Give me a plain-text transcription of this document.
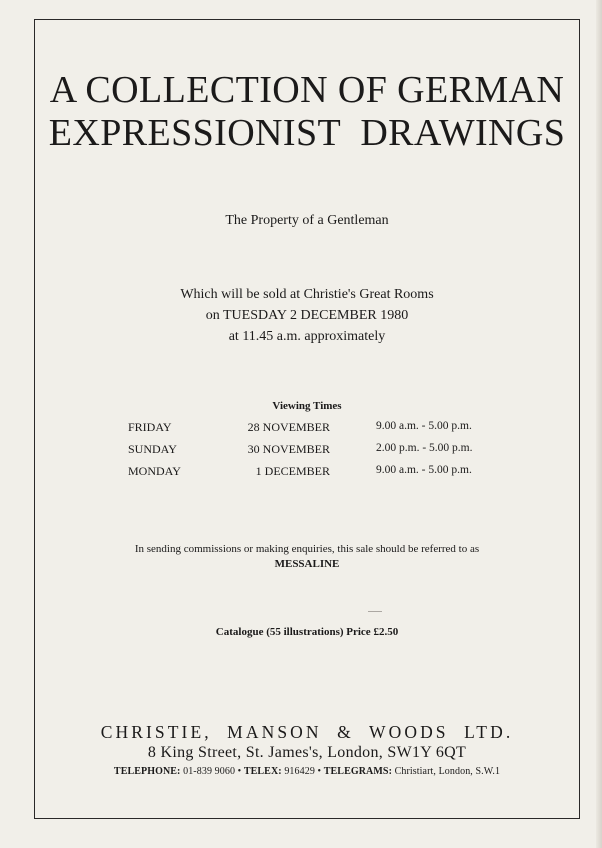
A COLLECTION OF GERMAN
EXPRESSIONIST DRAWINGS
The Property of a Gentleman
Which will be sold at Christie's Great Rooms
on TUESDAY 2 DECEMBER 1980
at 11.45 a.m. approximately
Viewing Times
FRIDAY	28 NOVEMBER	9.00 a.m. - 5.00 p.m.
SUNDAY	30 NOVEMBER	2.00 p.m. - 5.00 p.m.
MONDAY	1 DECEMBER	9.00 a.m. - 5.00 p.m.
In sending commissions or making enquiries, this sale should be referred to as
MESSALINE
Catalogue (55 illustrations) Price £2.50
CHRISTIE, MANSON & WOODS LTD.
8 King Street, St. James's, London, SW1Y 6QT
TELEPHONE: 01-839 9060 • TELEX: 916429 • TELEGRAMS: Christiart, London, S.W.1
